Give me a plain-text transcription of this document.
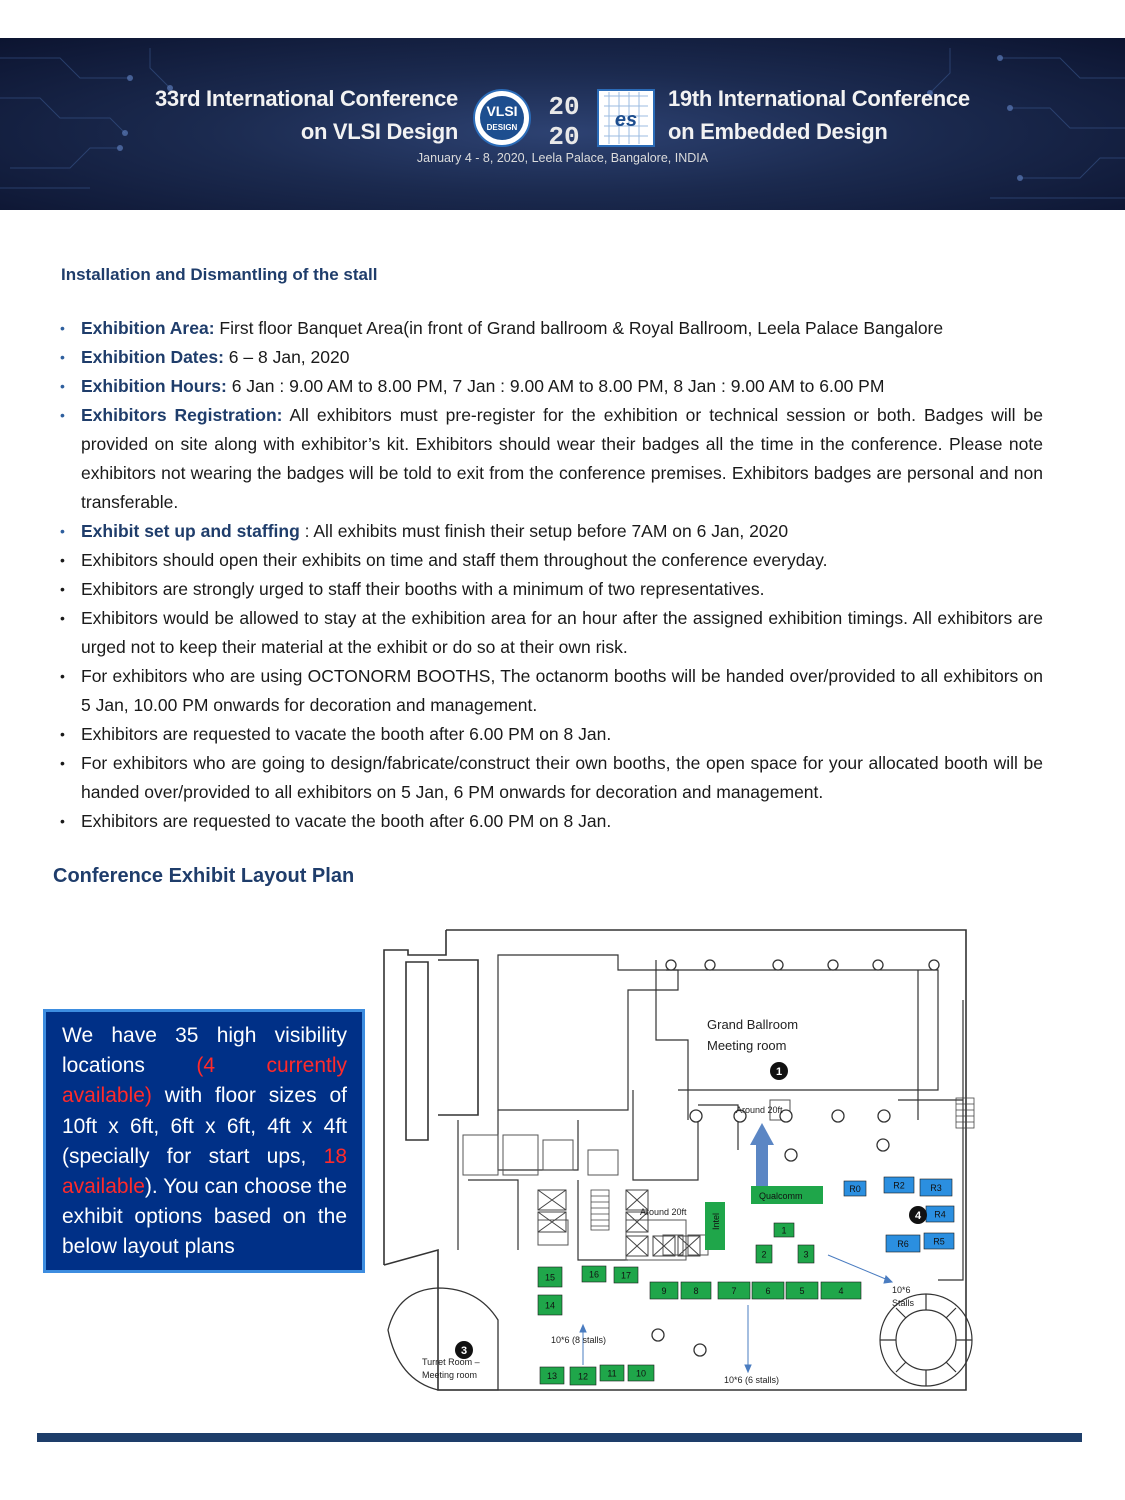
33rd International Conference
on VLSI Design
VLSI
DESIGN
20
20
es
19th International Conference
on Embedded Design
January 4 - 8, 2020, Leela Palace, Bangalore, INDIA
Installation and Dismantling of the stall
• Exhibition Area: First floor Banquet Area(in front of Grand ballroom & Royal Ballroom, Leela Palace Bangalore
• Exhibition Dates: 6 – 8 Jan, 2020
• Exhibition Hours: 6 Jan : 9.00 AM to 8.00 PM, 7 Jan : 9.00 AM to 8.00 PM, 8 Jan : 9.00 AM to 6.00 PM
• Exhibitors Registration: All exhibitors must pre-register for the exhibition or technical session or both. Badges will be provided on site along with exhibitor’s kit. Exhibitors should wear their badges all the time in the conference. Please note exhibitors not wearing the badges will be told to exit from the conference premises. Exhibitors badges are personal and non transferable.
• Exhibit set up and staffing : All exhibits must finish their setup before 7AM on 6 Jan, 2020
• Exhibitors should open their exhibits on time and staff them throughout the conference everyday.
• Exhibitors are strongly urged to staff their booths with a minimum of two representatives.
• Exhibitors would be allowed to stay at the exhibition area for an hour after the assigned exhibition timings. All exhibitors are urged not to keep their material at the exhibit or do so at their own risk.
• For exhibitors who are using OCTONORM BOOTHS, The octanorm booths will be handed over/provided to all exhibitors on 5 Jan, 10.00 PM onwards for decoration and management.
• Exhibitors are requested to vacate the booth after 6.00 PM on 8 Jan.
• For exhibitors who are going to design/fabricate/construct their own booths, the open space for your allocated booth will be handed over/provided to all exhibitors on 5 Jan, 6 PM onwards for decoration and management.
• Exhibitors are requested to vacate the booth after 6.00 PM on 8 Jan.
Conference Exhibit Layout Plan
We have 35 high visibility locations (4 currently available) with floor sizes of 10ft x 6ft, 6ft x 6ft, 4ft x 4ft (specially for start ups, 18 available). You can choose the exhibit options based on the below layout plans
Qualcomm
Intel
R0	R2	R3
R4
R6	R5
1
2	3
15	16 17
14
9	8	7	6	5	4
13 12 11 10
Grand Ballroom
Meeting room
1
4
3
Around 20ft
Around 20ft
10*6 (8 stalls)
10*6 (6 stalls)
10*6
Stalls
Turret Room –
Meeting room
